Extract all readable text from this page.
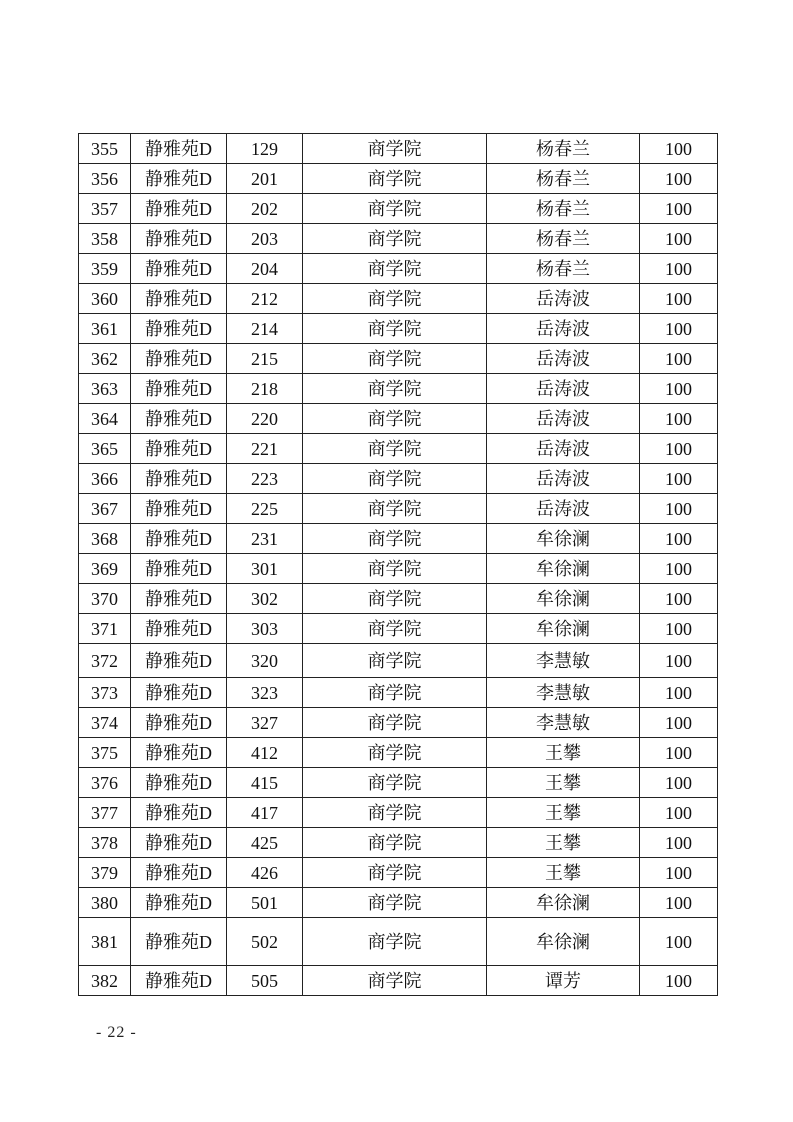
355	静雅苑D	129	商学院	杨春兰	100
356	静雅苑D	201	商学院	杨春兰	100
357	静雅苑D	202	商学院	杨春兰	100
358	静雅苑D	203	商学院	杨春兰	100
359	静雅苑D	204	商学院	杨春兰	100
360	静雅苑D	212	商学院	岳涛波	100
361	静雅苑D	214	商学院	岳涛波	100
362	静雅苑D	215	商学院	岳涛波	100
363	静雅苑D	218	商学院	岳涛波	100
364	静雅苑D	220	商学院	岳涛波	100
365	静雅苑D	221	商学院	岳涛波	100
366	静雅苑D	223	商学院	岳涛波	100
367	静雅苑D	225	商学院	岳涛波	100
368	静雅苑D	231	商学院	牟徐澜	100
369	静雅苑D	301	商学院	牟徐澜	100
370	静雅苑D	302	商学院	牟徐澜	100
371	静雅苑D	303	商学院	牟徐澜	100
372	静雅苑D	320	商学院	李慧敏	100
373	静雅苑D	323	商学院	李慧敏	100
374	静雅苑D	327	商学院	李慧敏	100
375	静雅苑D	412	商学院	王攀	100
376	静雅苑D	415	商学院	王攀	100
377	静雅苑D	417	商学院	王攀	100
378	静雅苑D	425	商学院	王攀	100
379	静雅苑D	426	商学院	王攀	100
380	静雅苑D	501	商学院	牟徐澜	100
381	静雅苑D	502	商学院	牟徐澜	100
382	静雅苑D	505	商学院	谭芳	100
- 22 -
